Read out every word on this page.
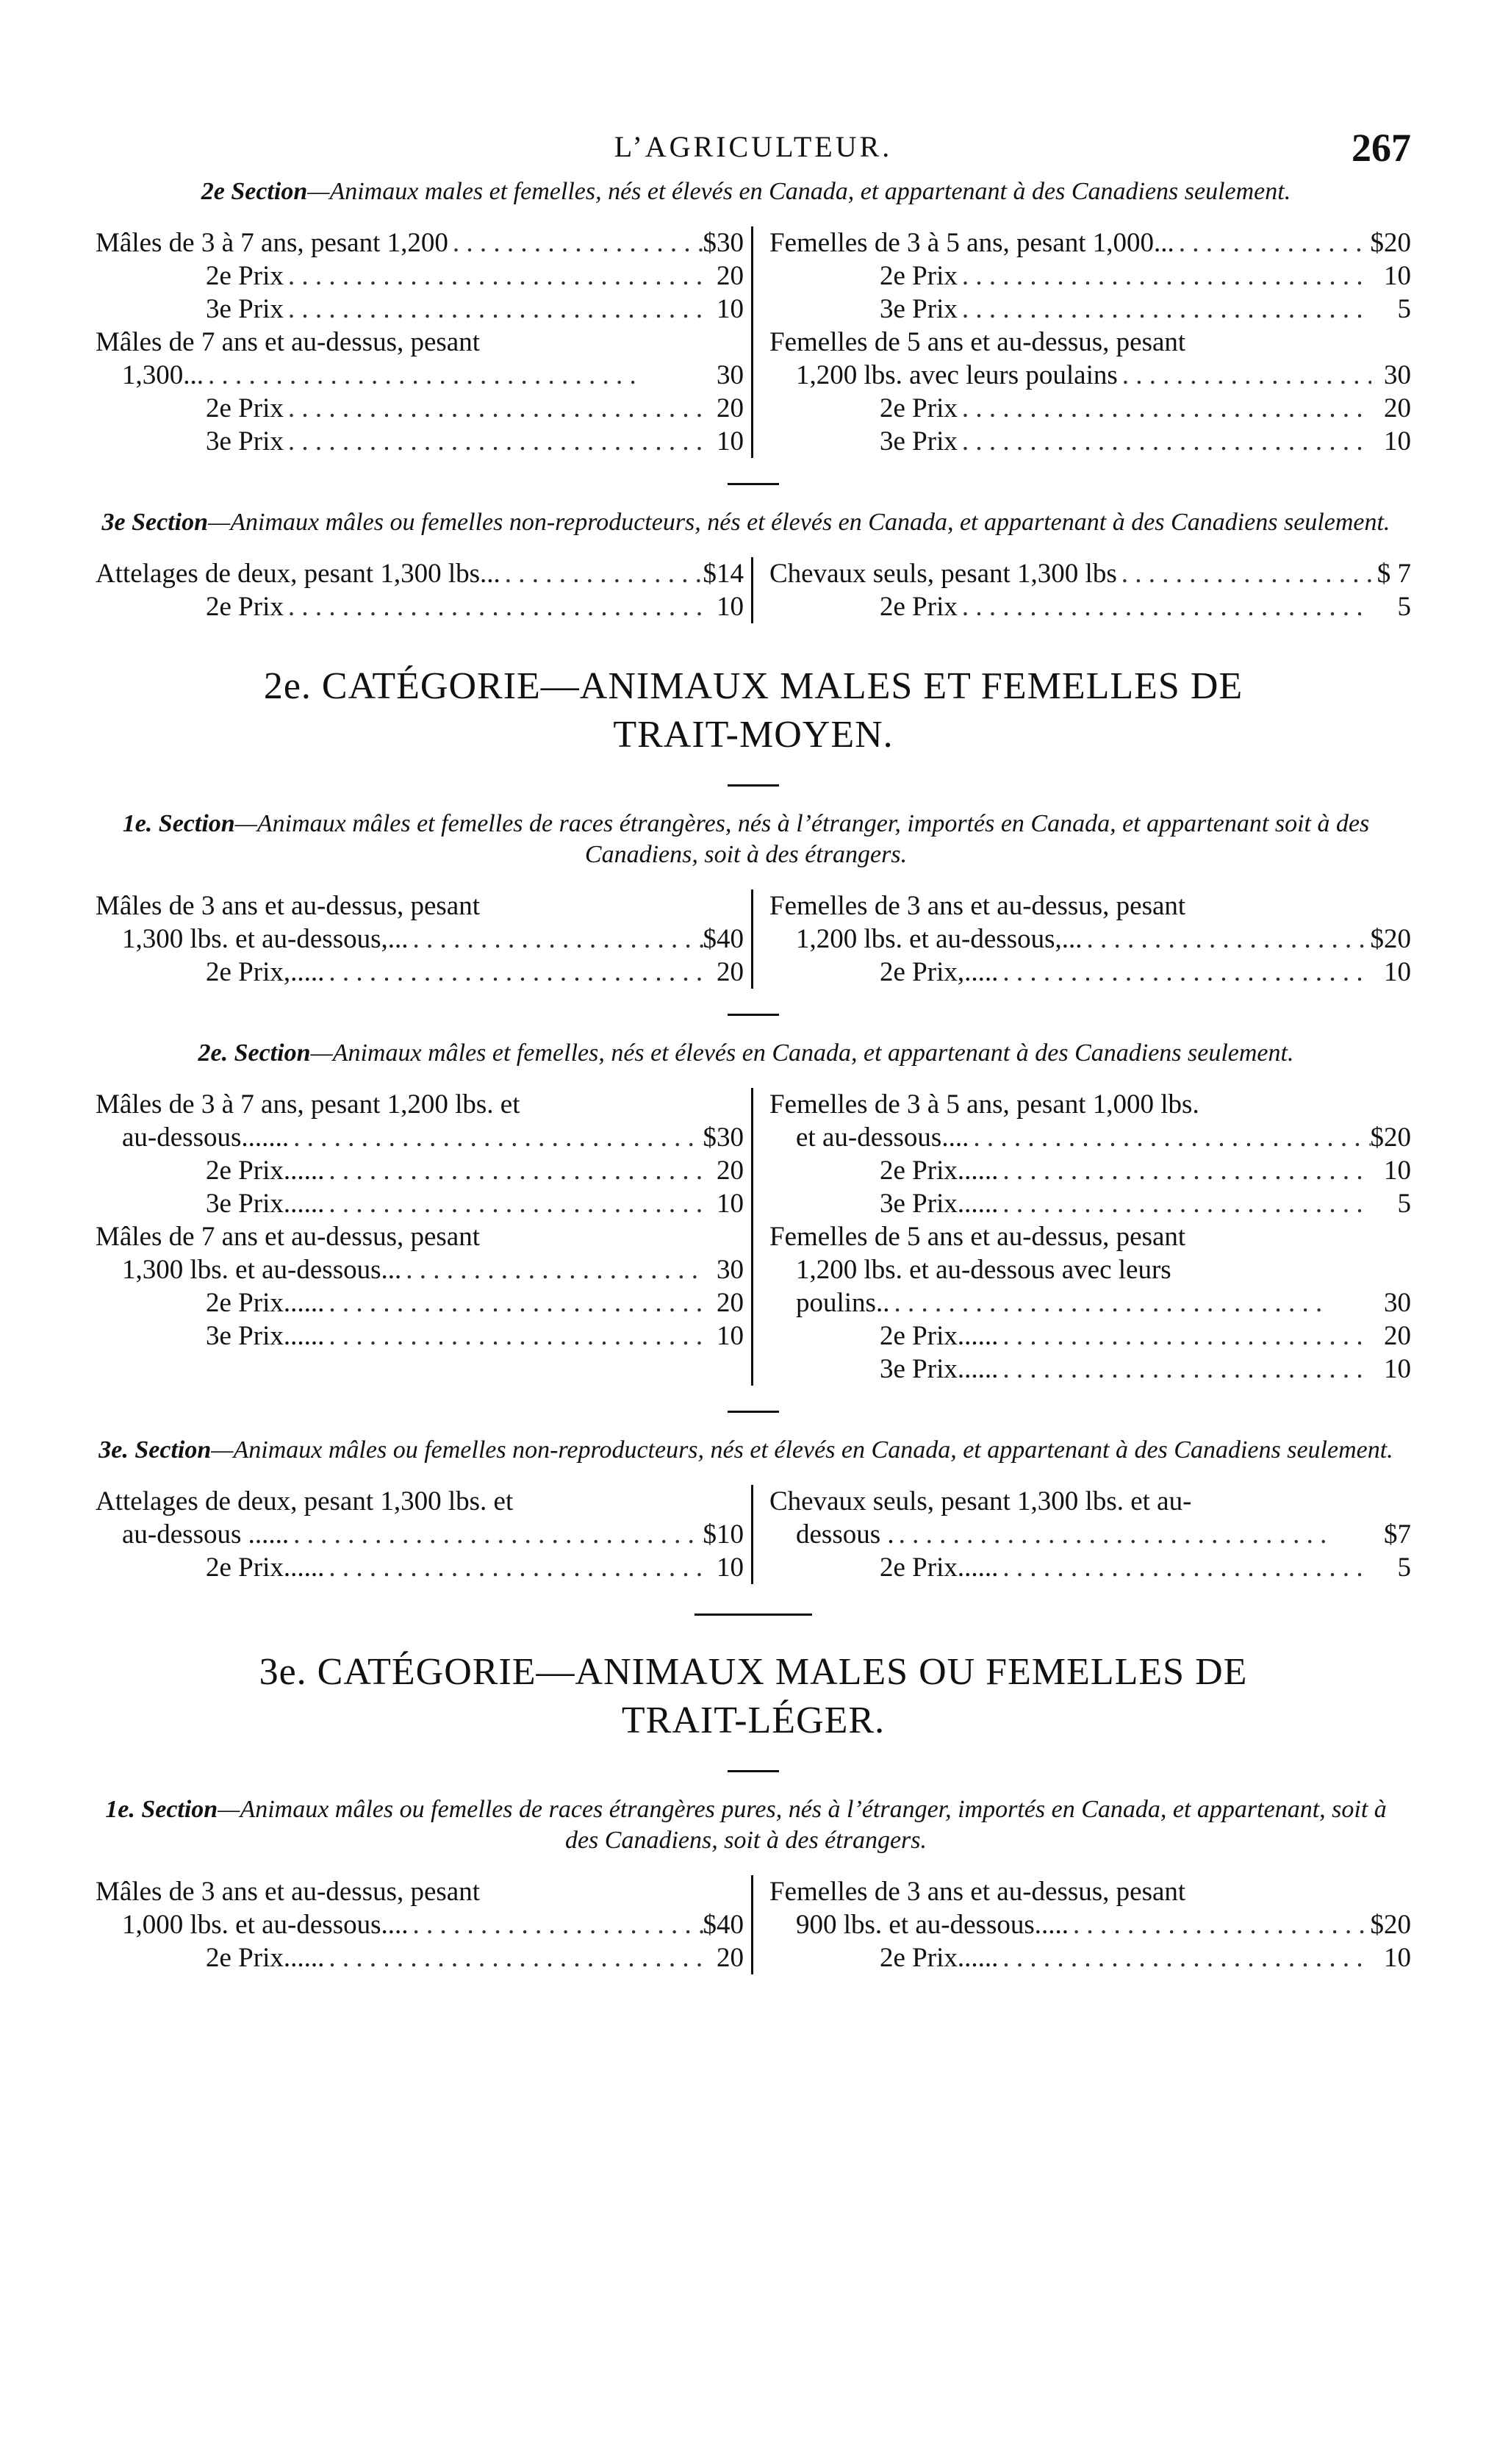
L’AGRICULTEUR.	267
2e Section—Animaux males et femelles, nés et élevés en Canada, et appartenant à des Canadiens seulement.
Mâles de 3 à 7 ans, pesant 1,200 . . .	$30
2e Prix . . .	20
3e Prix . . .	10
Mâles de 7 ans et au-dessus, pesant
1,300... . . .	30
2e Prix . . .	20
3e Prix . . .	10
Femelles de 3 à 5 ans, pesant 1,000... . . .	$20
2e Prix . . .	10
3e Prix . . .	5
Femelles de 5 ans et au-dessus, pesant
1,200 lbs. avec leurs poulains . . .	30
2e Prix . . .	20
3e Prix . . .	10
3e Section—Animaux mâles ou femelles non-reproducteurs, nés et élevés en Canada, et appartenant à des Canadiens seulement.
Attelages de deux, pesant 1,300 lbs... . . .	$14
2e Prix . . .	10
Chevaux seuls, pesant 1,300 lbs . . .	$ 7
2e Prix . . .	5
2e. CATÉGORIE—ANIMAUX MALES ET FEMELLES DE
TRAIT-MOYEN.
1e. Section—Animaux mâles et femelles de races étrangères, nés à l’étranger, importés en Canada, et appartenant soit à des Canadiens, soit à des étrangers.
Mâles de 3 ans et au-dessus, pesant
1,300 lbs. et au-dessous,... . . .	$40
2e Prix,..... . . .	20
Femelles de 3 ans et au-dessus, pesant
1,200 lbs. et au-dessous,... . . .	$20
2e Prix,..... . . .	10
2e. Section—Animaux mâles et femelles, nés et élevés en Canada, et appartenant à des Canadiens seulement.
Mâles de 3 à 7 ans, pesant 1,200 lbs. et
au-dessous....... . . .	$30
2e Prix...... . . .	20
3e Prix...... . . .	10
Mâles de 7 ans et au-dessus, pesant
1,300 lbs. et au-dessous... . . .	30
2e Prix...... . . .	20
3e Prix...... . . .	10
Femelles de 3 à 5 ans, pesant 1,000 lbs.
et au-dessous.... . . .	$20
2e Prix...... . . .	10
3e Prix...... . . .	5
Femelles de 5 ans et au-dessus, pesant
1,200 lbs. et au-dessous avec leurs
poulins.. . . .	30
2e Prix...... . . .	20
3e Prix...... . . .	10
3e. Section—Animaux mâles ou femelles non-reproducteurs, nés et élevés en Canada, et appartenant à des Canadiens seulement.
Attelages de deux, pesant 1,300 lbs. et
au-dessous ...... . . .	$10
2e Prix...... . . .	10
Chevaux seuls, pesant 1,300 lbs. et au-
dessous . . . .	$7
2e Prix...... . . .	5
3e. CATÉGORIE—ANIMAUX MALES OU FEMELLES DE
TRAIT-LÉGER.
1e. Section—Animaux mâles ou femelles de races étrangères pures, nés à l’étranger, importés en Canada, et appartenant, soit à des Canadiens, soit à des étrangers.
Mâles de 3 ans et au-dessus, pesant
1,000 lbs. et au-dessous.... . . .	$40
2e Prix...... . . .	20
Femelles de 3 ans et au-dessus, pesant
900 lbs. et au-dessous..... . . .	$20
2e Prix...... . . .	10
